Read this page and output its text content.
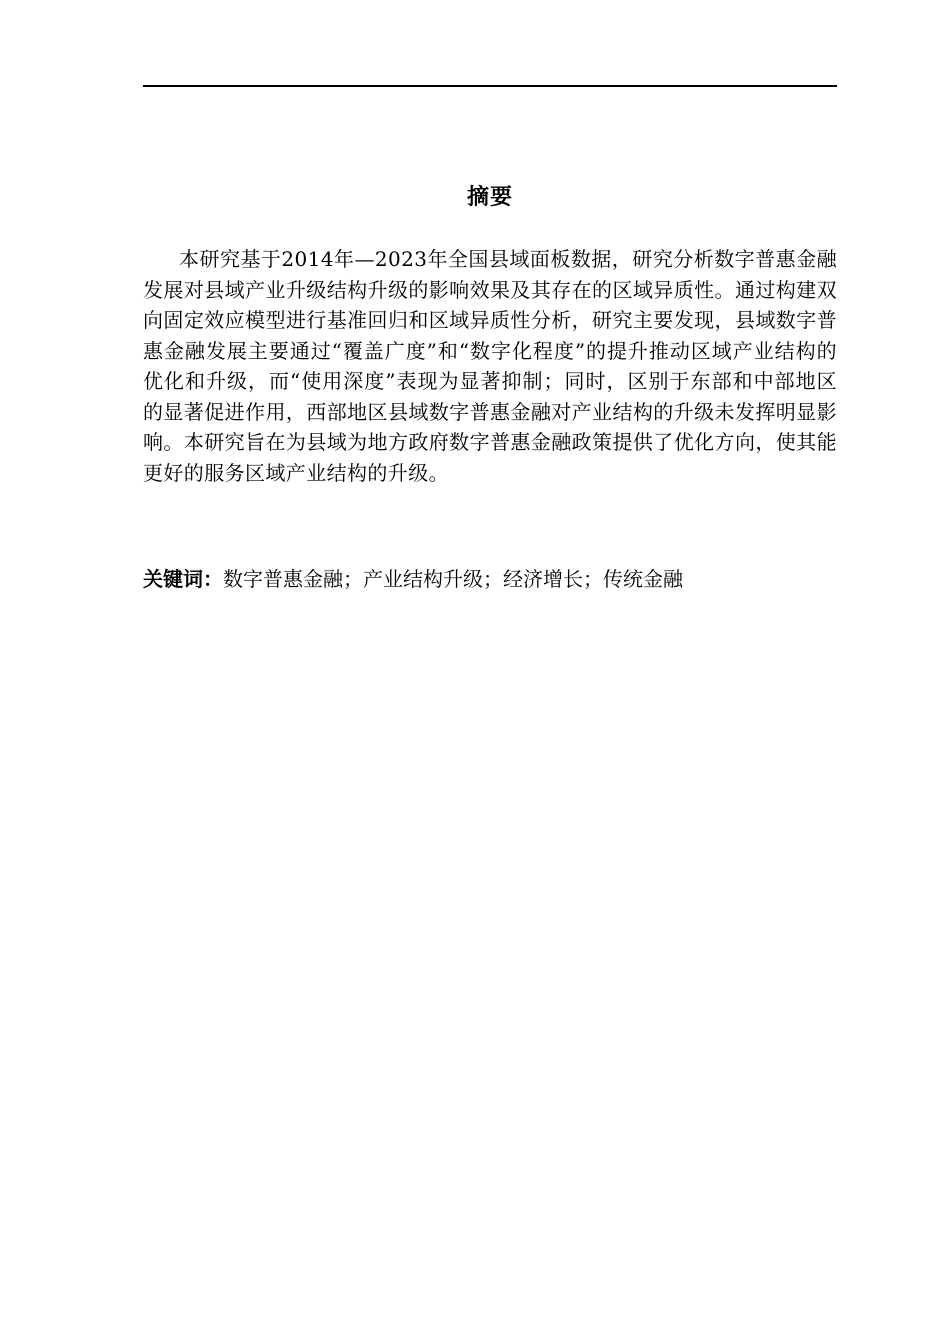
摘要

本研究基于2014年—2023年全国县域面板数据，研究分析数字普惠金融发展对县域产业升级结构升级的影响效果及其存在的区域异质性。通过构建双向固定效应模型进行基准回归和区域异质性分析，研究主要发现，县域数字普惠金融发展主要通过“覆盖广度”和“数字化程度”的提升推动区域产业结构的优化和升级，而“使用深度”表现为显著抑制；同时，区别于东部和中部地区的显著促进作用，西部地区县域数字普惠金融对产业结构的升级未发挥明显影响。本研究旨在为县域为地方政府数字普惠金融政策提供了优化方向，使其能更好的服务区域产业结构的升级。

关键词：数字普惠金融；产业结构升级；经济增长；传统金融
